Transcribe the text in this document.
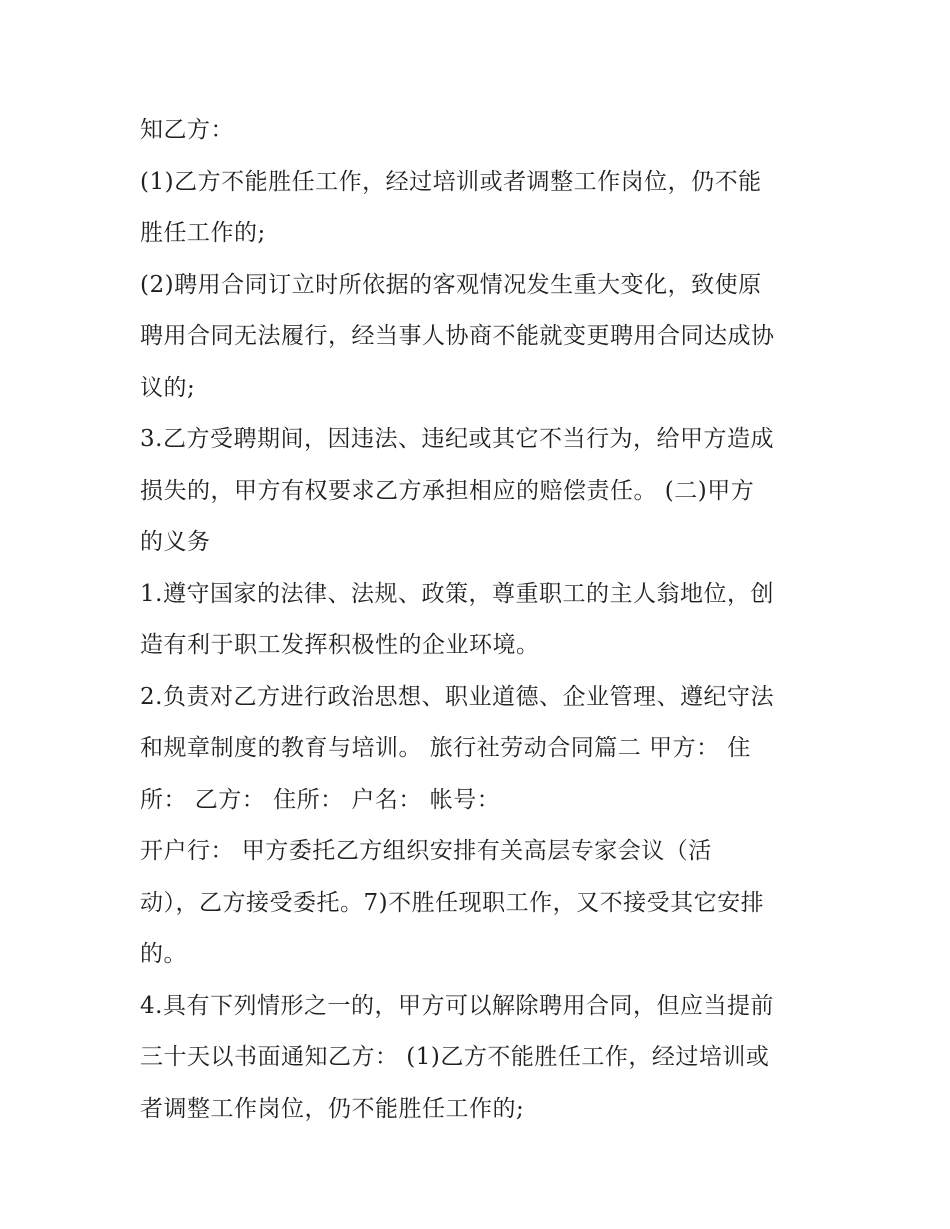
知乙方：
(1)乙方不能胜任工作，经过培训或者调整工作岗位，仍不能
胜任工作的;
(2)聘用合同订立时所依据的客观情况发生重大变化，致使原
聘用合同无法履行，经当事人协商不能就变更聘用合同达成协
议的;
3.乙方受聘期间，因违法、违纪或其它不当行为，给甲方造成
损失的，甲方有权要求乙方承担相应的赔偿责任。 (二)甲方
的义务
1.遵守国家的法律、法规、政策，尊重职工的主人翁地位，创
造有利于职工发挥积极性的企业环境。
2.负责对乙方进行政治思想、职业道德、企业管理、遵纪守法
和规章制度的教育与培训。 旅行社劳动合同篇二 甲方： 住
所： 乙方： 住所： 户名： 帐号：
开户行： 甲方委托乙方组织安排有关高层专家会议（活
动），乙方接受委托。7)不胜任现职工作，又不接受其它安排
的。
4.具有下列情形之一的，甲方可以解除聘用合同，但应当提前
三十天以书面通知乙方： (1)乙方不能胜任工作，经过培训或
者调整工作岗位，仍不能胜任工作的;
